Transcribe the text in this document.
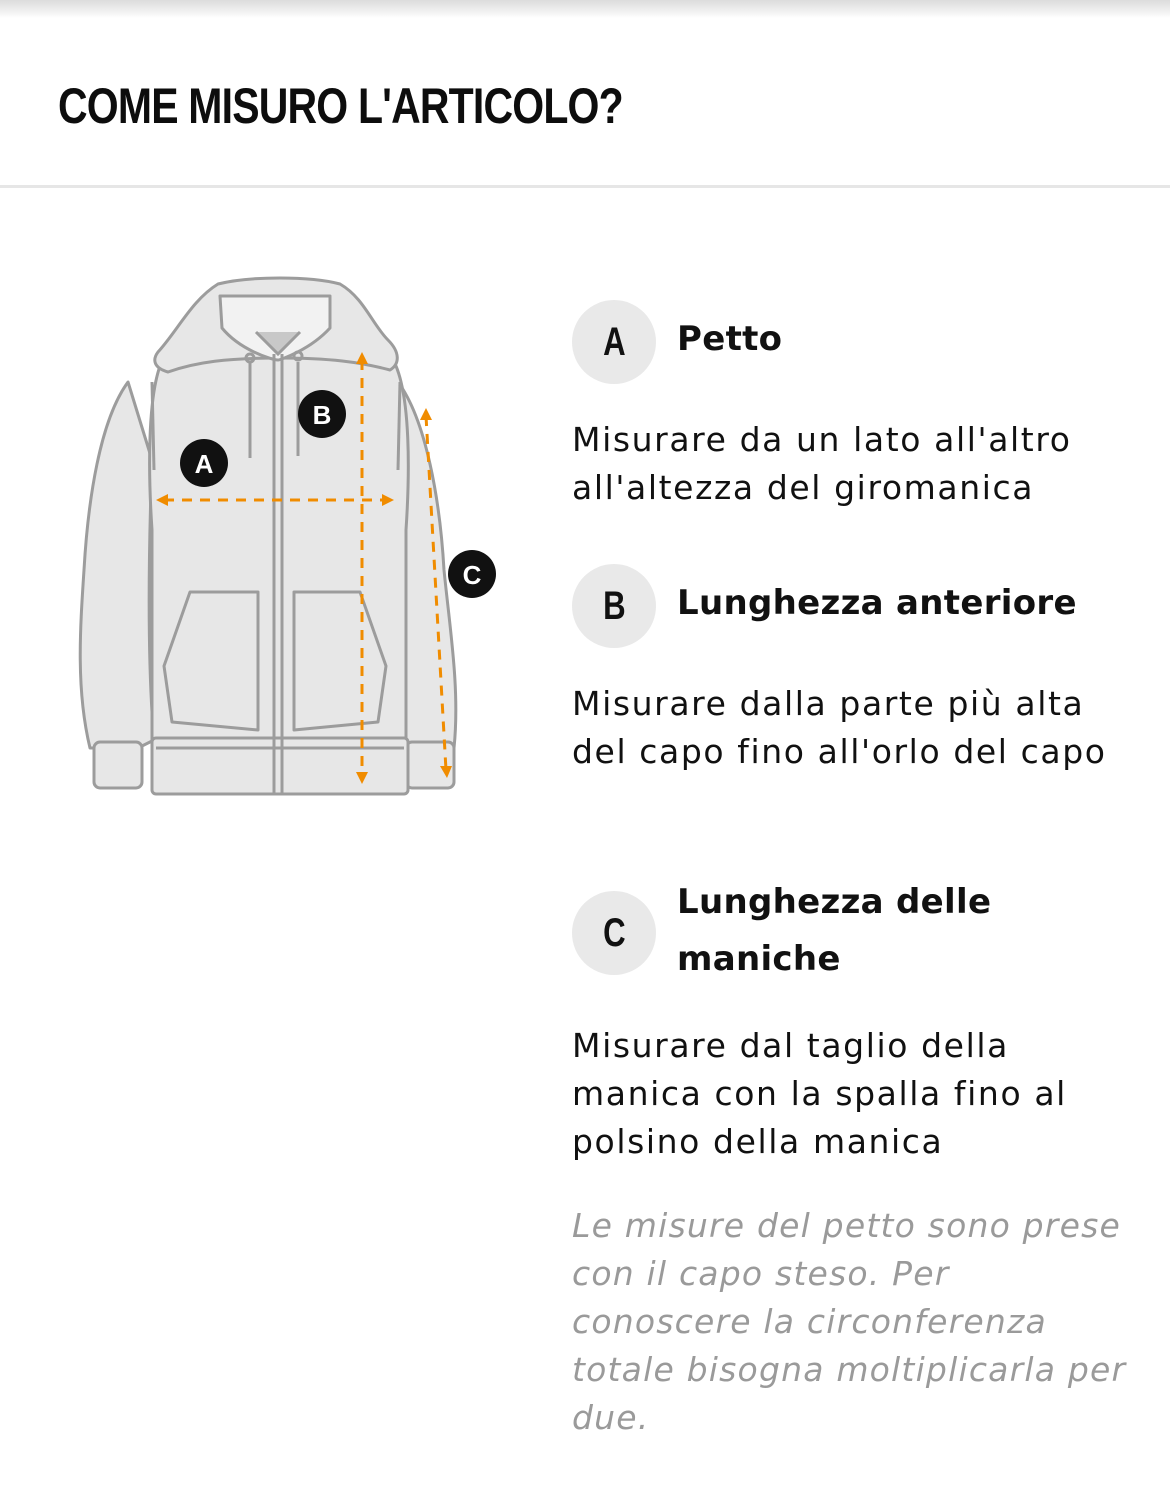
COME MISURO L'ARTICOLO?
A
B
C
A Petto
Misurare da un lato all'altro all'altezza del giromanica
B Lunghezza anteriore
Misurare dalla parte più alta del capo fino all'orlo del capo
C
Lunghezza delle maniche
Misurare dal taglio della manica con la spalla fino al polsino della manica
Le misure del petto sono prese con il capo steso. Per conoscere la circonferenza totale bisogna moltiplicarla per due.
